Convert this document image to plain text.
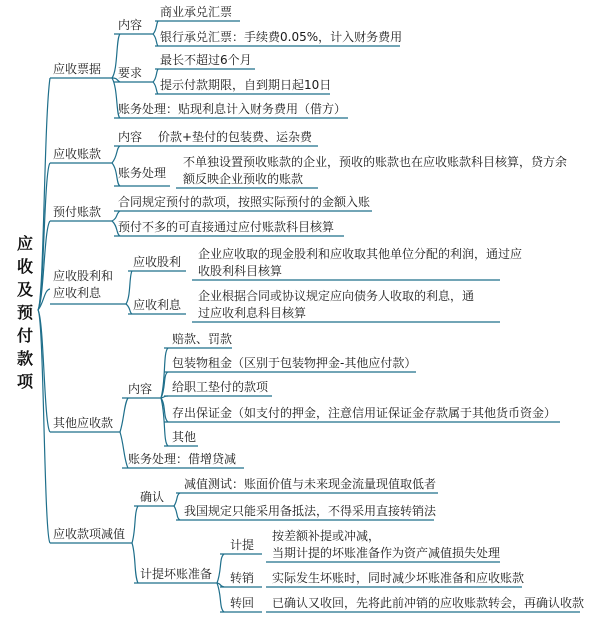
应收及预付款项
应收票据
内容
商业承兑汇票
银行承兑汇票：手续费0.05%，计入财务费用
要求
最长不超过6个月
提示付款期限，自到期日起10日
账务处理：贴现利息计入财务费用（借方）
应收账款
内容 价款+垫付的包装费、运杂费
账务处理
不单独设置预收账款的企业，预收的账款也在应收账款科目核算，贷方余额反映企业预收的账款
预付账款
合同规定预付的款项，按照实际预付的金额入账
预付不多的可直接通过应付账款科目核算
应收股利和应收利息
应收股利
企业应收取的现金股利和应收取其他单位分配的利润，通过应收股利科目核算
应收利息
企业根据合同或协议规定应向债务人收取的利息，通过应收利息科目核算
其他应收款
内容
赔款、罚款
包装物租金（区别于包装物押金-其他应付款）
给职工垫付的款项
存出保证金（如支付的押金，注意信用证保证金存款属于其他货币资金）
其他
账务处理：借增贷减
应收款项减值
确认
减值测试：账面价值与未来现金流量现值取低者
我国规定只能采用备抵法，不得采用直接转销法
计提坏账准备
计提
按差额补提或冲减，
当期计提的坏账准备作为资产减值损失处理
转销 实际发生坏账时，同时减少坏账准备和应收账款
转回 已确认又收回，先将此前冲销的应收账款转会，再确认收款
